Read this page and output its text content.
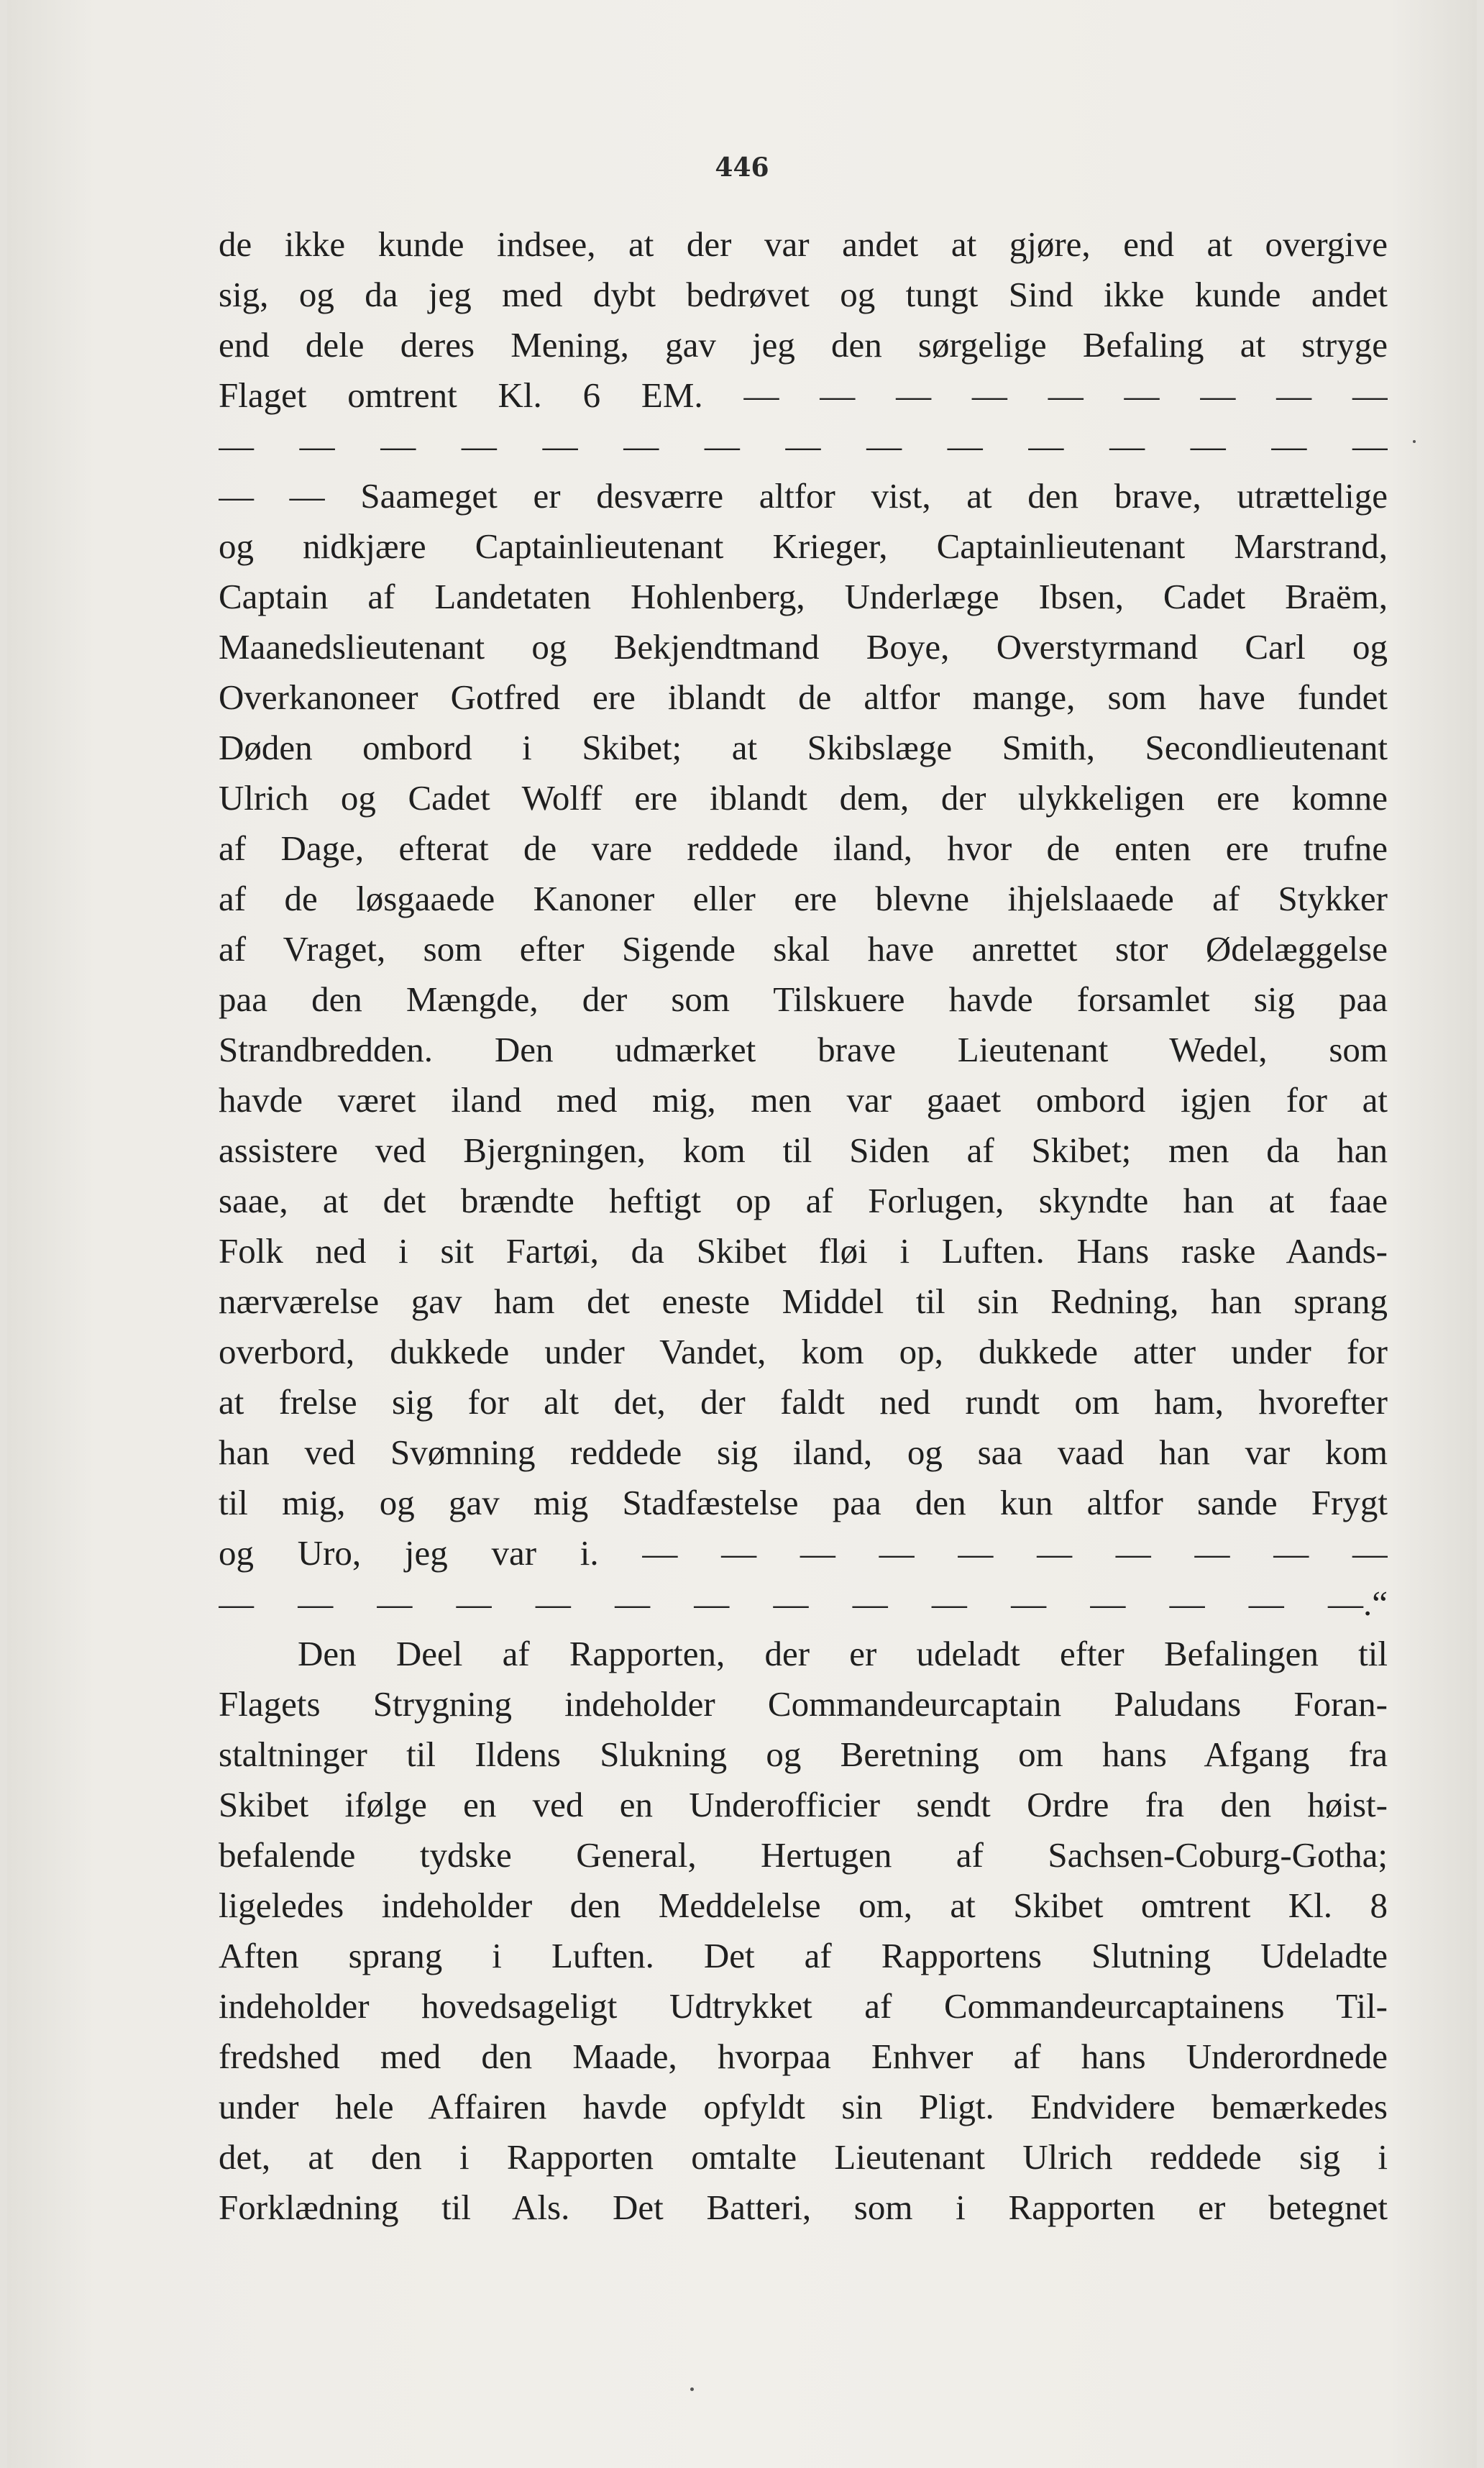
446
de ikke kunde indsee, at der var andet at gjøre, end at overgive
sig, og da jeg med dybt bedrøvet og tungt Sind ikke kunde andet
end dele deres Mening, gav jeg den sørgelige Befaling at stryge
Flaget omtrent Kl. 6 EM. — — — — — — — — —
— — — — — — — — — — — — — — —
— — Saameget er desværre altfor vist, at den brave, utrættelige
og nidkjære Captainlieutenant Krieger, Captainlieutenant Marstrand,
Captain af Landetaten Hohlenberg, Underlæge Ibsen, Cadet Braëm,
Maanedslieutenant og Bekjendtmand Boye, Overstyrmand Carl og
Overkanoneer Gotfred ere iblandt de altfor mange, som have fundet
Døden ombord i Skibet; at Skibslæge Smith, Secondlieutenant
Ulrich og Cadet Wolff ere iblandt dem, der ulykkeligen ere komne
af Dage, efterat de vare reddede iland, hvor de enten ere trufne
af de løsgaaede Kanoner eller ere blevne ihjelslaaede af Stykker
af Vraget, som efter Sigende skal have anrettet stor Ødelæggelse
paa den Mængde, der som Tilskuere havde forsamlet sig paa
Strandbredden. Den udmærket brave Lieutenant Wedel, som
havde været iland med mig, men var gaaet ombord igjen for at
assistere ved Bjergningen, kom til Siden af Skibet; men da han
saae, at det brændte heftigt op af Forlugen, skyndte han at faae
Folk ned i sit Fartøi, da Skibet fløi i Luften. Hans raske Aands-
nærværelse gav ham det eneste Middel til sin Redning, han sprang
overbord, dukkede under Vandet, kom op, dukkede atter under for
at frelse sig for alt det, der faldt ned rundt om ham, hvorefter
han ved Svømning reddede sig iland, og saa vaad han var kom
til mig, og gav mig Stadfæstelse paa den kun altfor sande Frygt
og Uro, jeg var i. — — — — — — — — — —
— — — — — — — — — — — — — — —.“
Den Deel af Rapporten, der er udeladt efter Befalingen til
Flagets Strygning indeholder Commandeurcaptain Paludans Foran-
staltninger til Ildens Slukning og Beretning om hans Afgang fra
Skibet ifølge en ved en Underofficier sendt Ordre fra den høist-
befalende tydske General, Hertugen af Sachsen-Coburg-Gotha;
ligeledes indeholder den Meddelelse om, at Skibet omtrent Kl. 8
Aften sprang i Luften. Det af Rapportens Slutning Udeladte
indeholder hovedsageligt Udtrykket af Commandeurcaptainens Til-
fredshed med den Maade, hvorpaa Enhver af hans Underordnede
under hele Affairen havde opfyldt sin Pligt. Endvidere bemærkedes
det, at den i Rapporten omtalte Lieutenant Ulrich reddede sig i
Forklædning til Als. Det Batteri, som i Rapporten er betegnet
